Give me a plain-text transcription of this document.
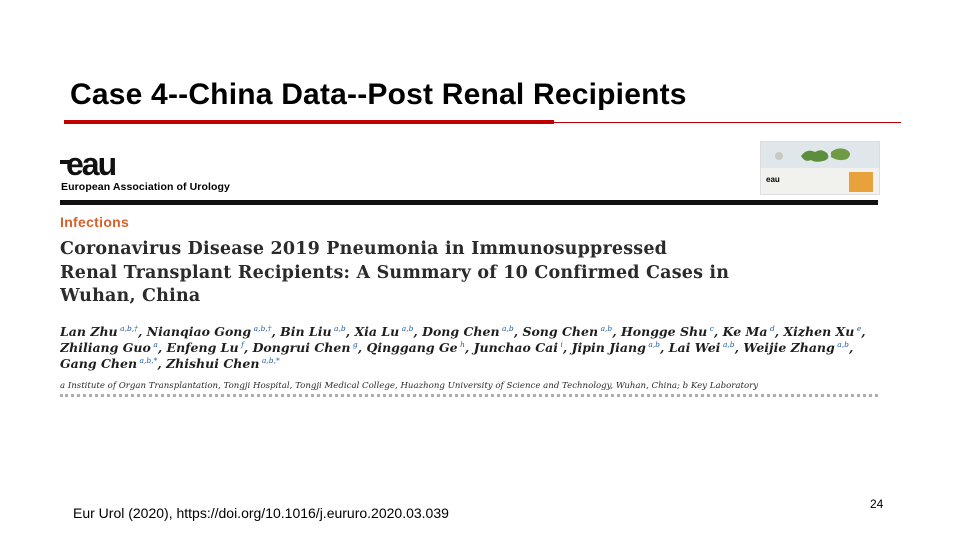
Case 4--China Data--Post Renal Recipients
eau
European Association of Urology
eau
Infections
Coronavirus Disease 2019 Pneumonia in Immunosuppressed
Renal Transplant Recipients: A Summary of 10 Confirmed Cases in
Wuhan, China
Lan Zhu  $^{a,b,\dagger}$, Nianqiao Gong  $^{a,b,\dagger}$, Bin Liu  $^{a,b}$, Xia Lu  $^{a,b}$, Dong Chen  $^{a,b}$, Song Chen  $^{a,b}$, Hongge Shu  $^c$, Ke Ma  $^d$, Xizhen Xu  $^e$, Zhiliang Guo  $^a$, Enfeng Lu  $^f$, Dongrui Chen  $^g$, Qinggang Ge  $^h$, Junchao Cai  $^i$, Jipin Jiang  $^{a,b}$, Lai Wei  $^{a,b}$, Weijie Zhang  $^{a,b}$, Gang Chen  $^{a,b,*}$, Zhishui Chen  $^{a,b,*}$
a Institute of Organ Transplantation, Tongji Hospital, Tongji Medical College, Huazhong University of Science and Technology, Wuhan, China; b Key Laboratory
24
Eur Urol (2020), https://doi.org/10.1016/j.eururo.2020.03.039
